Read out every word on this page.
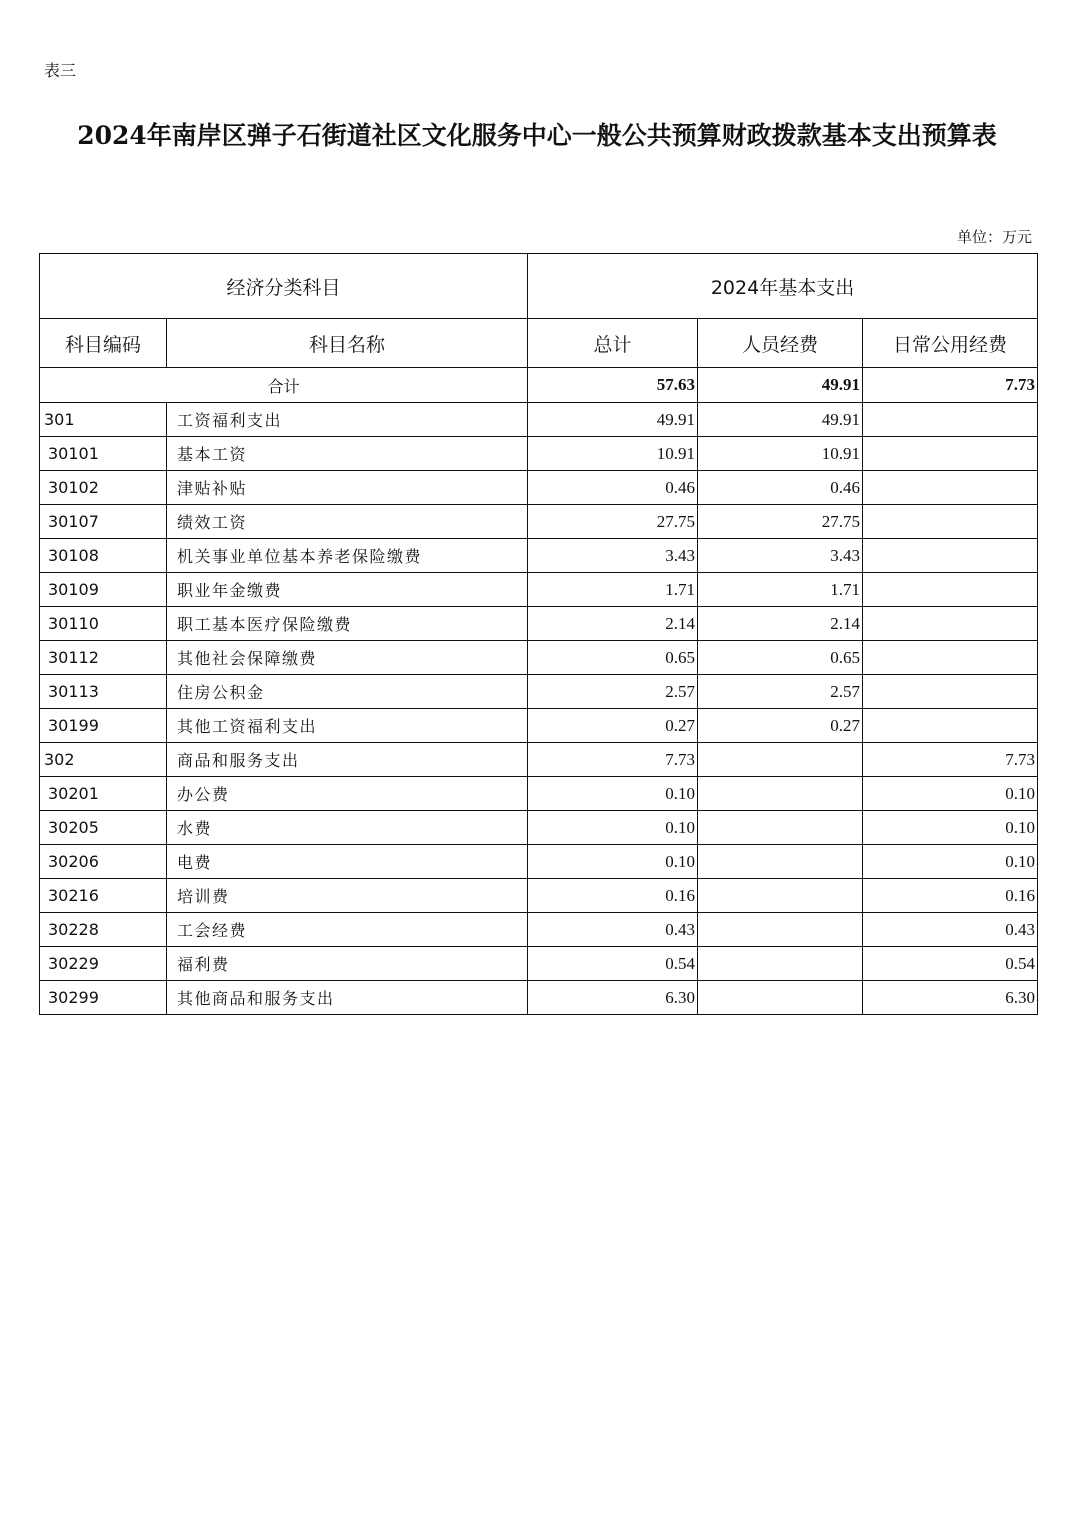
表三
2024年南岸区弹子石街道社区文化服务中心一般公共预算财政拨款基本支出预算表
单位：万元
经济分类科目		2024年基本支出		
科目编码	科目名称	总计	人员经费	日常公用经费
合计		57.63	49.91	7.73
301	工资福利支出	49.91	49.91	
30101	基本工资	10.91	10.91	
30102	津贴补贴	0.46	0.46	
30107	绩效工资	27.75	27.75	
30108	机关事业单位基本养老保险缴费	3.43	3.43	
30109	职业年金缴费	1.71	1.71	
30110	职工基本医疗保险缴费	2.14	2.14	
30112	其他社会保障缴费	0.65	0.65	
30113	住房公积金	2.57	2.57	
30199	其他工资福利支出	0.27	0.27	
302	商品和服务支出	7.73		7.73
30201	办公费	0.10		0.10
30205	水费	0.10		0.10
30206	电费	0.10		0.10
30216	培训费	0.16		0.16
30228	工会经费	0.43		0.43
30229	福利费	0.54		0.54
30299	其他商品和服务支出	6.30		6.30
